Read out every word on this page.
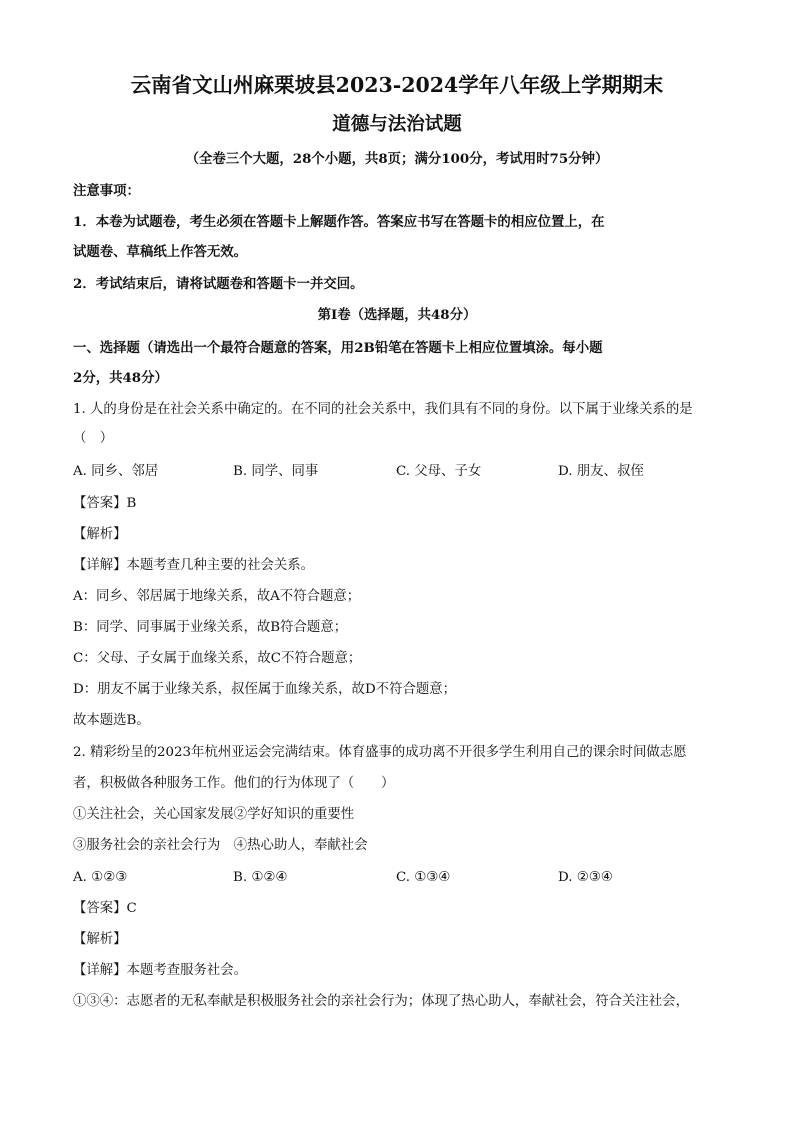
云南省文山州麻栗坡县2023-2024学年八年级上学期期末
道德与法治试题
（全卷三个大题，28个小题，共8页；满分100分，考试用时75分钟）
注意事项：
1．本卷为试题卷，考生必须在答题卡上解题作答。答案应书写在答题卡的相应位置上，在
试题卷、草稿纸上作答无效。
2．考试结束后，请将试题卷和答题卡一并交回。
第Ⅰ卷（选择题，共48分）
一、选择题（请选出一个最符合题意的答案，用2B铅笔在答题卡上相应位置填涂。每小题
2分，共48分）
1. 人的身份是在社会关系中确定的。在不同的社会关系中，我们具有不同的身份。以下属于业缘关系的是
（　）
A. 同乡、邻居	B. 同学、同事	C. 父母、子女	D. 朋友、叔侄
【答案】B
【解析】
【详解】本题考查几种主要的社会关系。
A：同乡、邻居属于地缘关系，故A不符合题意；
B：同学、同事属于业缘关系，故B符合题意；
C：父母、子女属于血缘关系，故C不符合题意；
D：朋友不属于业缘关系，叔侄属于血缘关系，故D不符合题意；
故本题选B。
2. 精彩纷呈的2023年杭州亚运会完满结束。体育盛事的成功离不开很多学生利用自己的课余时间做志愿
者，积极做各种服务工作。他们的行为体现了（　　）
①关注社会，关心国家发展②学好知识的重要性
③服务社会的亲社会行为　④热心助人，奉献社会
A. ①②③	B. ①②④	C. ①③④	D. ②③④
【答案】C
【解析】
【详解】本题考查服务社会。
①③④：志愿者的无私奉献是积极服务社会的亲社会行为；体现了热心助人，奉献社会，符合关注社会，
